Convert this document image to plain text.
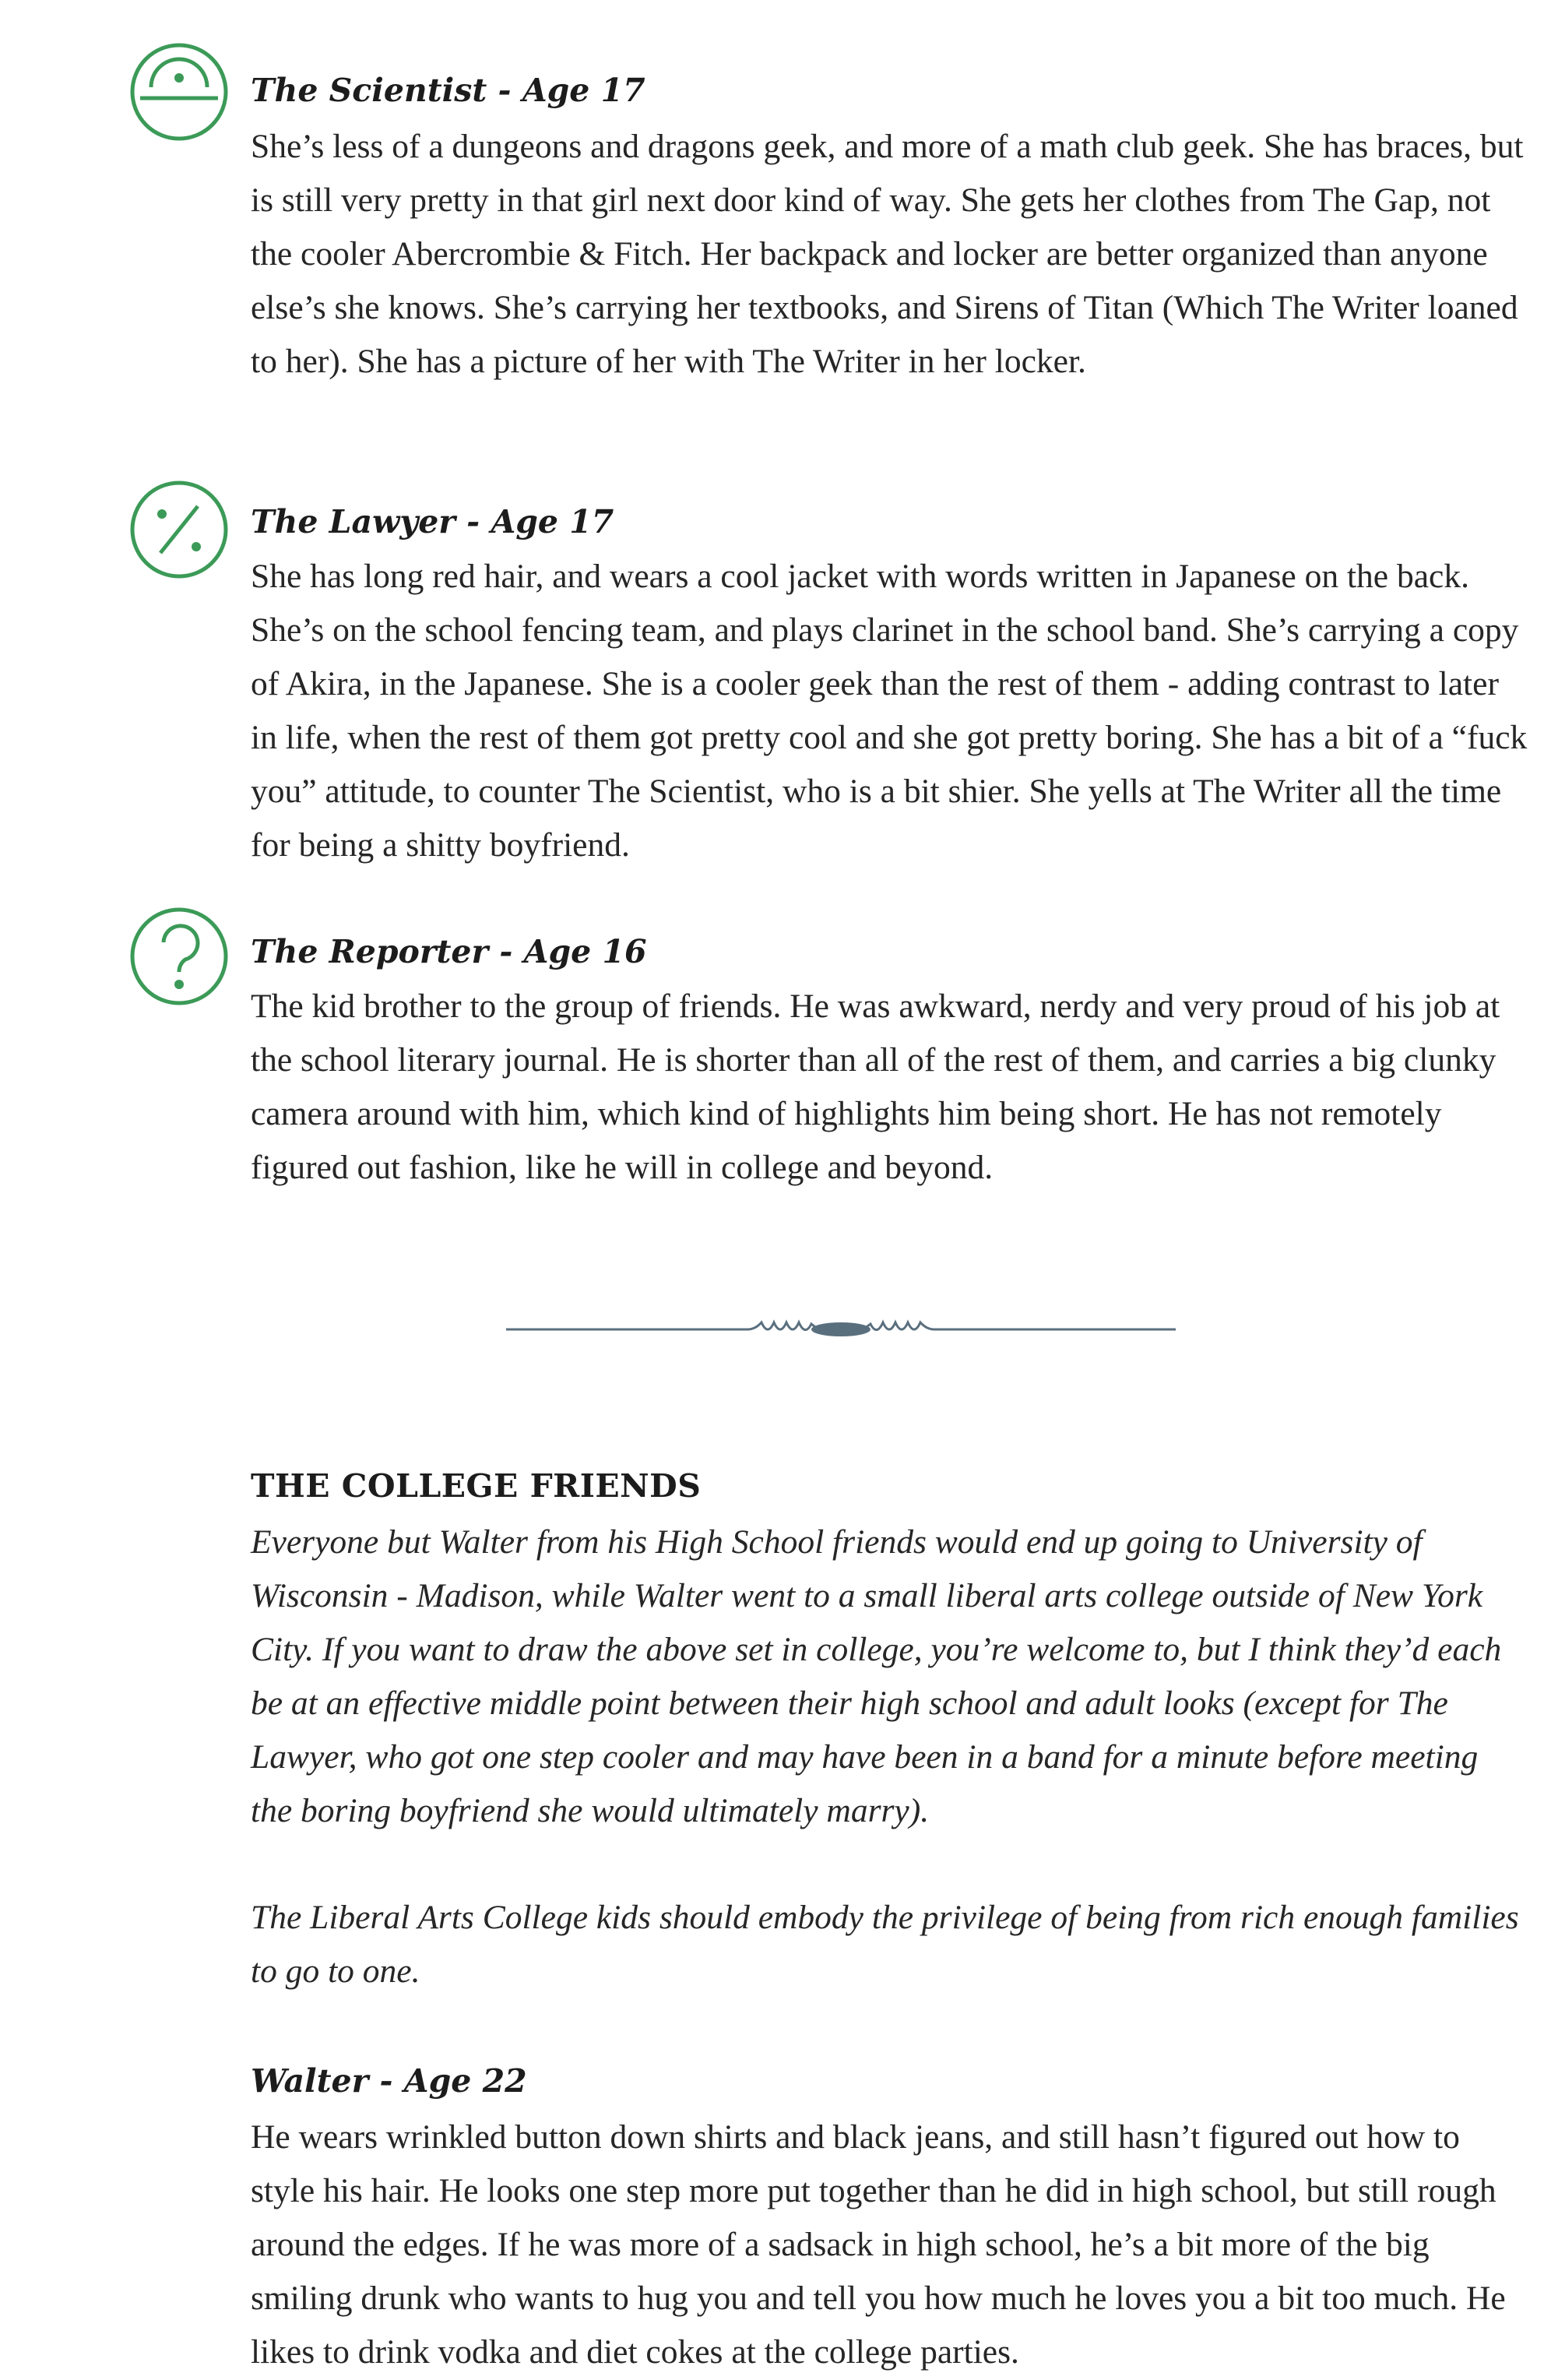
The Scientist - Age 17

She’s less of a dungeons and dragons geek, and more of a math club geek. She has braces, but is still very pretty in that girl next door kind of way. She gets her clothes from The Gap, not the cooler Abercrombie & Fitch. Her backpack and locker are better organized than anyone else’s she knows. She’s carrying her textbooks, and Sirens of Titan (Which The Writer loaned to her). She has a picture of her with The Writer in her locker.

The Lawyer - Age 17

She has long red hair, and wears a cool jacket with words written in Japanese on the back. She’s on the school fencing team, and plays clarinet in the school band. She’s carrying a copy of Akira, in the Japanese. She is a cooler geek than the rest of them - adding contrast to later in life, when the rest of them got pretty cool and she got pretty boring. She has a bit of a “fuck you” attitude, to counter The Scientist, who is a bit shier. She yells at The Writer all the time for being a shitty boyfriend.

The Reporter - Age 16

The kid brother to the group of friends. He was awkward, nerdy and very proud of his job at the school literary journal. He is shorter than all of the rest of them, and carries a big clunky camera around with him, which kind of highlights him being short. He has not remotely figured out fashion, like he will in college and beyond.

THE COLLEGE FRIENDS

Everyone but Walter from his High School friends would end up going to University of Wisconsin - Madison, while Walter went to a small liberal arts college outside of New York City. If you want to draw the above set in college, you’re welcome to, but I think they’d each be at an effective middle point between their high school and adult looks (except for The Lawyer, who got one step cooler and may have been in a band for a minute before meeting the boring boyfriend she would ultimately marry).

The Liberal Arts College kids should embody the privilege of being from rich enough families to go to one.

Walter - Age 22

He wears wrinkled button down shirts and black jeans, and still hasn’t figured out how to style his hair. He looks one step more put together than he did in high school, but still rough around the edges. If he was more of a sadsack in high school, he’s a bit more of the big smiling drunk who wants to hug you and tell you how much he loves you a bit too much. He likes to drink vodka and diet cokes at the college parties.
